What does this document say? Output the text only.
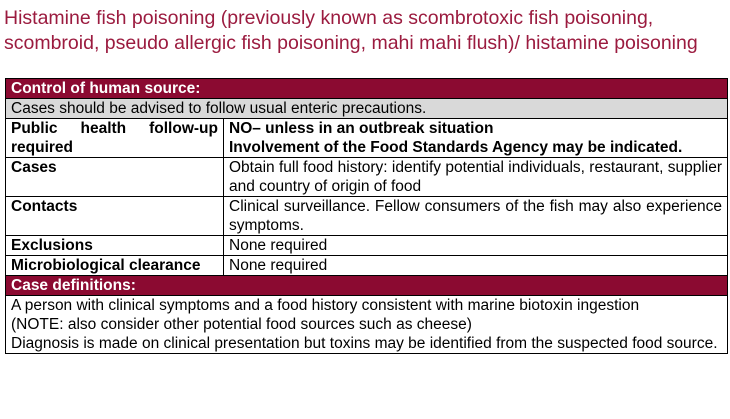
Histamine fish poisoning (previously known as scombrotoxic fish poisoning, scombroid, pseudo allergic fish poisoning, mahi mahi flush)/ histamine poisoning
Control of human source:	
Cases should be advised to follow usual enteric precautions.	
Public health follow-up required	NO– unless in an outbreak situation
Involvement of the Food Standards Agency may be indicated.

Cases	Obtain full food history: identify potential individuals, restaurant, supplier and country of origin of food
Contacts	Clinical surveillance. Fellow consumers of the fish may also experience symptoms.
Exclusions	None required
Microbiological clearance	None required
Case definitions:	

A person with clinical symptoms and a food history consistent with marine biotoxin ingestion
(NOTE: also consider other potential food sources such as cheese)
Diagnosis is made on clinical presentation but toxins may be identified from the suspected food source.	
